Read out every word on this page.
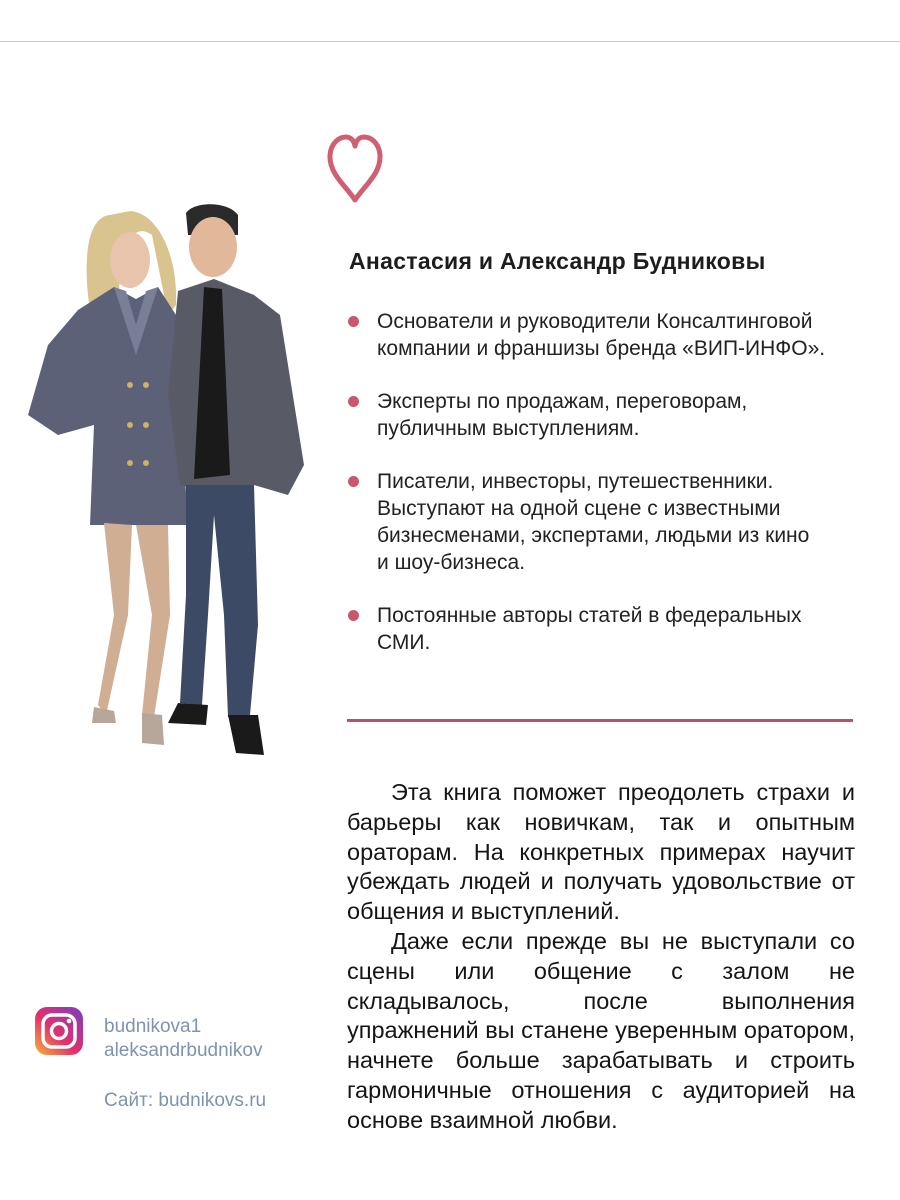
Анастасия и Александр Будниковы
Основатели и руководители Консалтинговой
компании и франшизы бренда «ВИП-ИНФО».
Эксперты по продажам, переговорам,
публичным выступлениям.
Писатели, инвесторы, путешественники.
Выступают на одной сцене с известными
бизнесменами, экспертами, людьми из кино
и шоу-бизнеса.
Постоянные авторы статей в федеральных
СМИ.

Эта книга поможет преодолеть страхи и барьеры как новичкам, так и опытным ораторам. На конкретных примерах научит убеждать людей и получать удовольствие от общения и выступлений.

Даже если прежде вы не выступали со сцены или общение с залом не складывалось, после выполнения упражнений вы станене уверенным оратором, начнете больше зарабатывать и строить гармоничные отношения с аудиторией на основе взаимной любви.

budnikova1
aleksandrbudnikov
Сайт: budnikovs.ru
